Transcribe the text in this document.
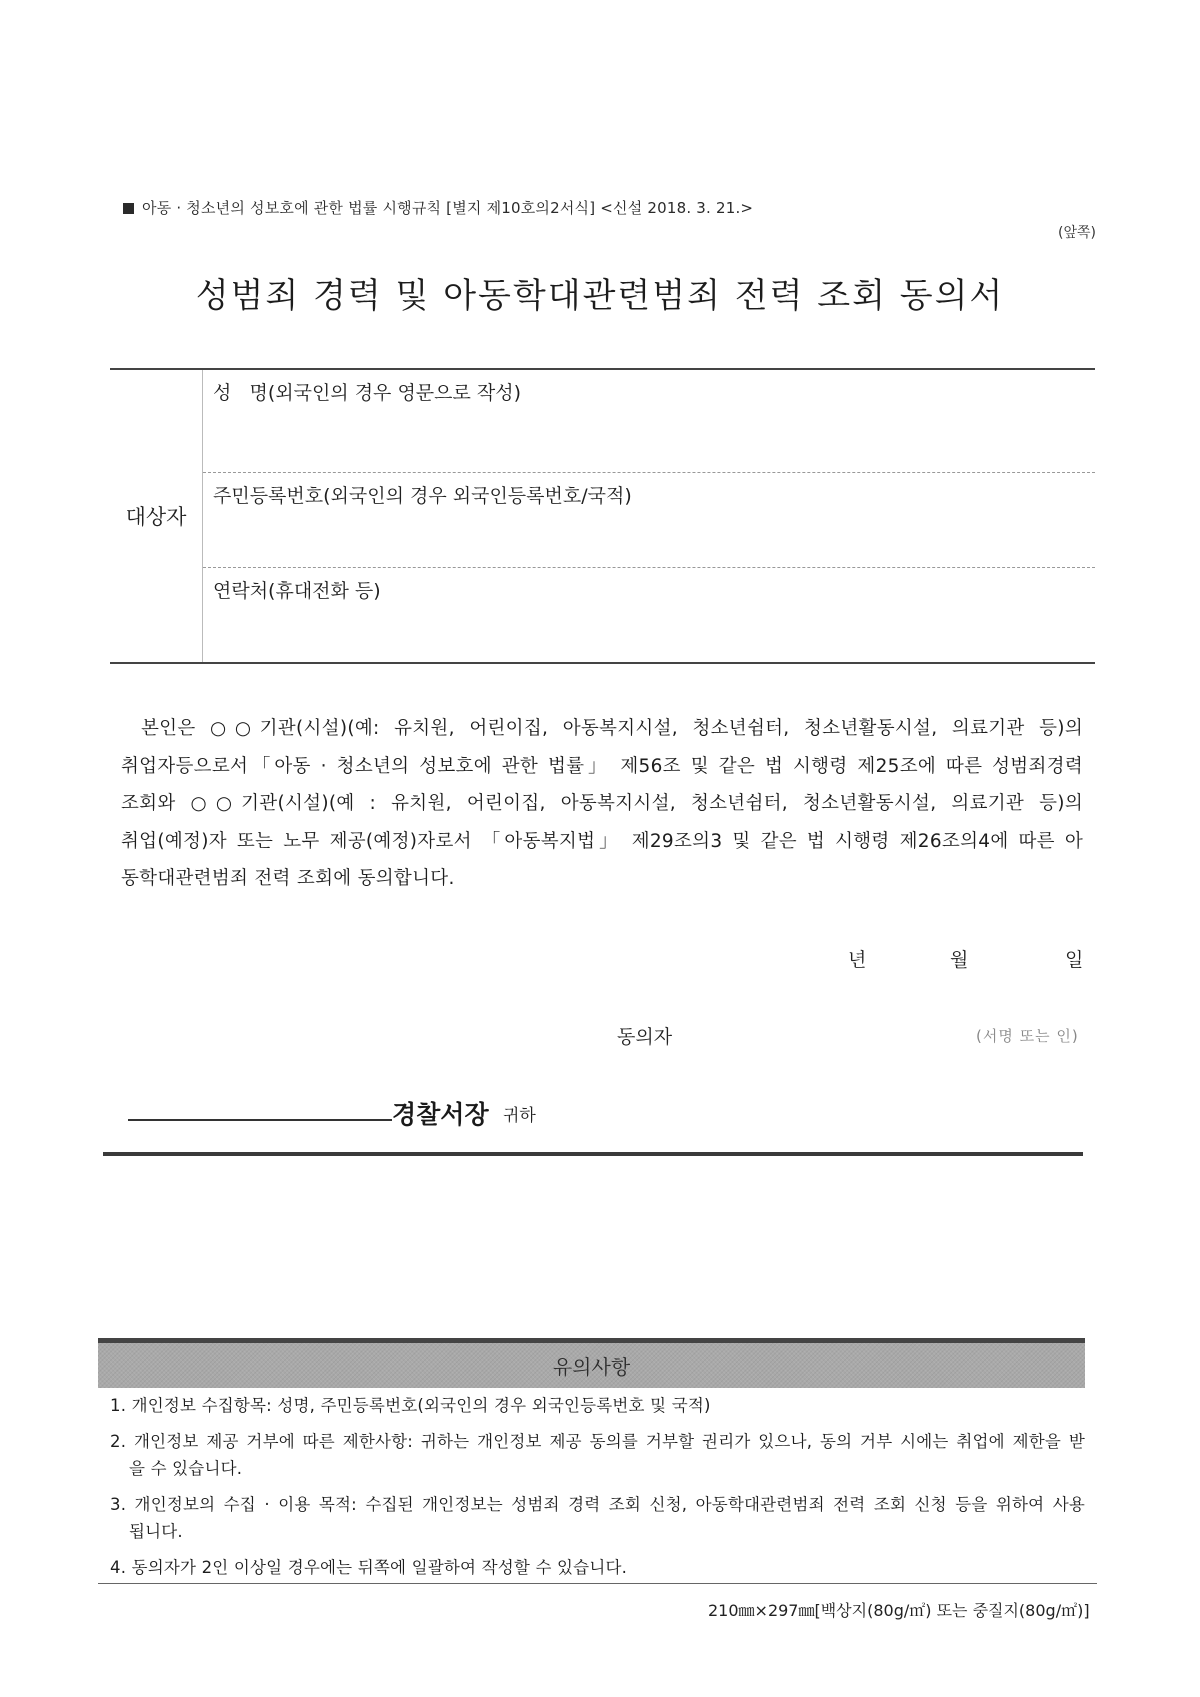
아동 · 청소년의 성보호에 관한 법률 시행규칙 [별지 제10호의2서식] <신설 2018. 3. 21.>
(앞쪽)
성범죄 경력 및 아동학대관련범죄 전력 조회 동의서
대상자
성   명(외국인의 경우 영문으로 작성)
주민등록번호(외국인의 경우 외국인등록번호/국적)
연락처(휴대전화 등)
본인은 ○○기관(시설)(예: 유치원, 어린이집, 아동복지시설, 청소년쉼터, 청소년활동시설, 의료기관 등)의
취업자등으로서「아동 · 청소년의 성보호에 관한 법률」 제56조 및 같은 법 시행령 제25조에 따른 성범죄경력
조회와 ○○기관(시설)(예 : 유치원, 어린이집, 아동복지시설, 청소년쉼터, 청소년활동시설, 의료기관 등)의
취업(예정)자 또는 노무 제공(예정)자로서 「아동복지법」 제29조의3 및 같은 법 시행령 제26조의4에 따른 아
동학대관련범죄 전력 조회에 동의합니다.
년	월	일
동의자	(서명 또는 인)
경찰서장 귀하
유의사항
1. 개인정보 수집항목: 성명, 주민등록번호(외국인의 경우 외국인등록번호 및 국적)
2. 개인정보 제공 거부에 따른 제한사항: 귀하는 개인정보 제공 동의를 거부할 권리가 있으나, 동의 거부 시에는 취업에 제한을 받
을 수 있습니다.
3. 개인정보의 수집 · 이용 목적: 수집된 개인정보는 성범죄 경력 조회 신청, 아동학대관련범죄 전력 조회 신청 등을 위하여 사용
됩니다.
4. 동의자가 2인 이상일 경우에는 뒤쪽에 일괄하여 작성할 수 있습니다.
210㎜×297㎜[백상지(80g/㎡) 또는 중질지(80g/㎡)]
